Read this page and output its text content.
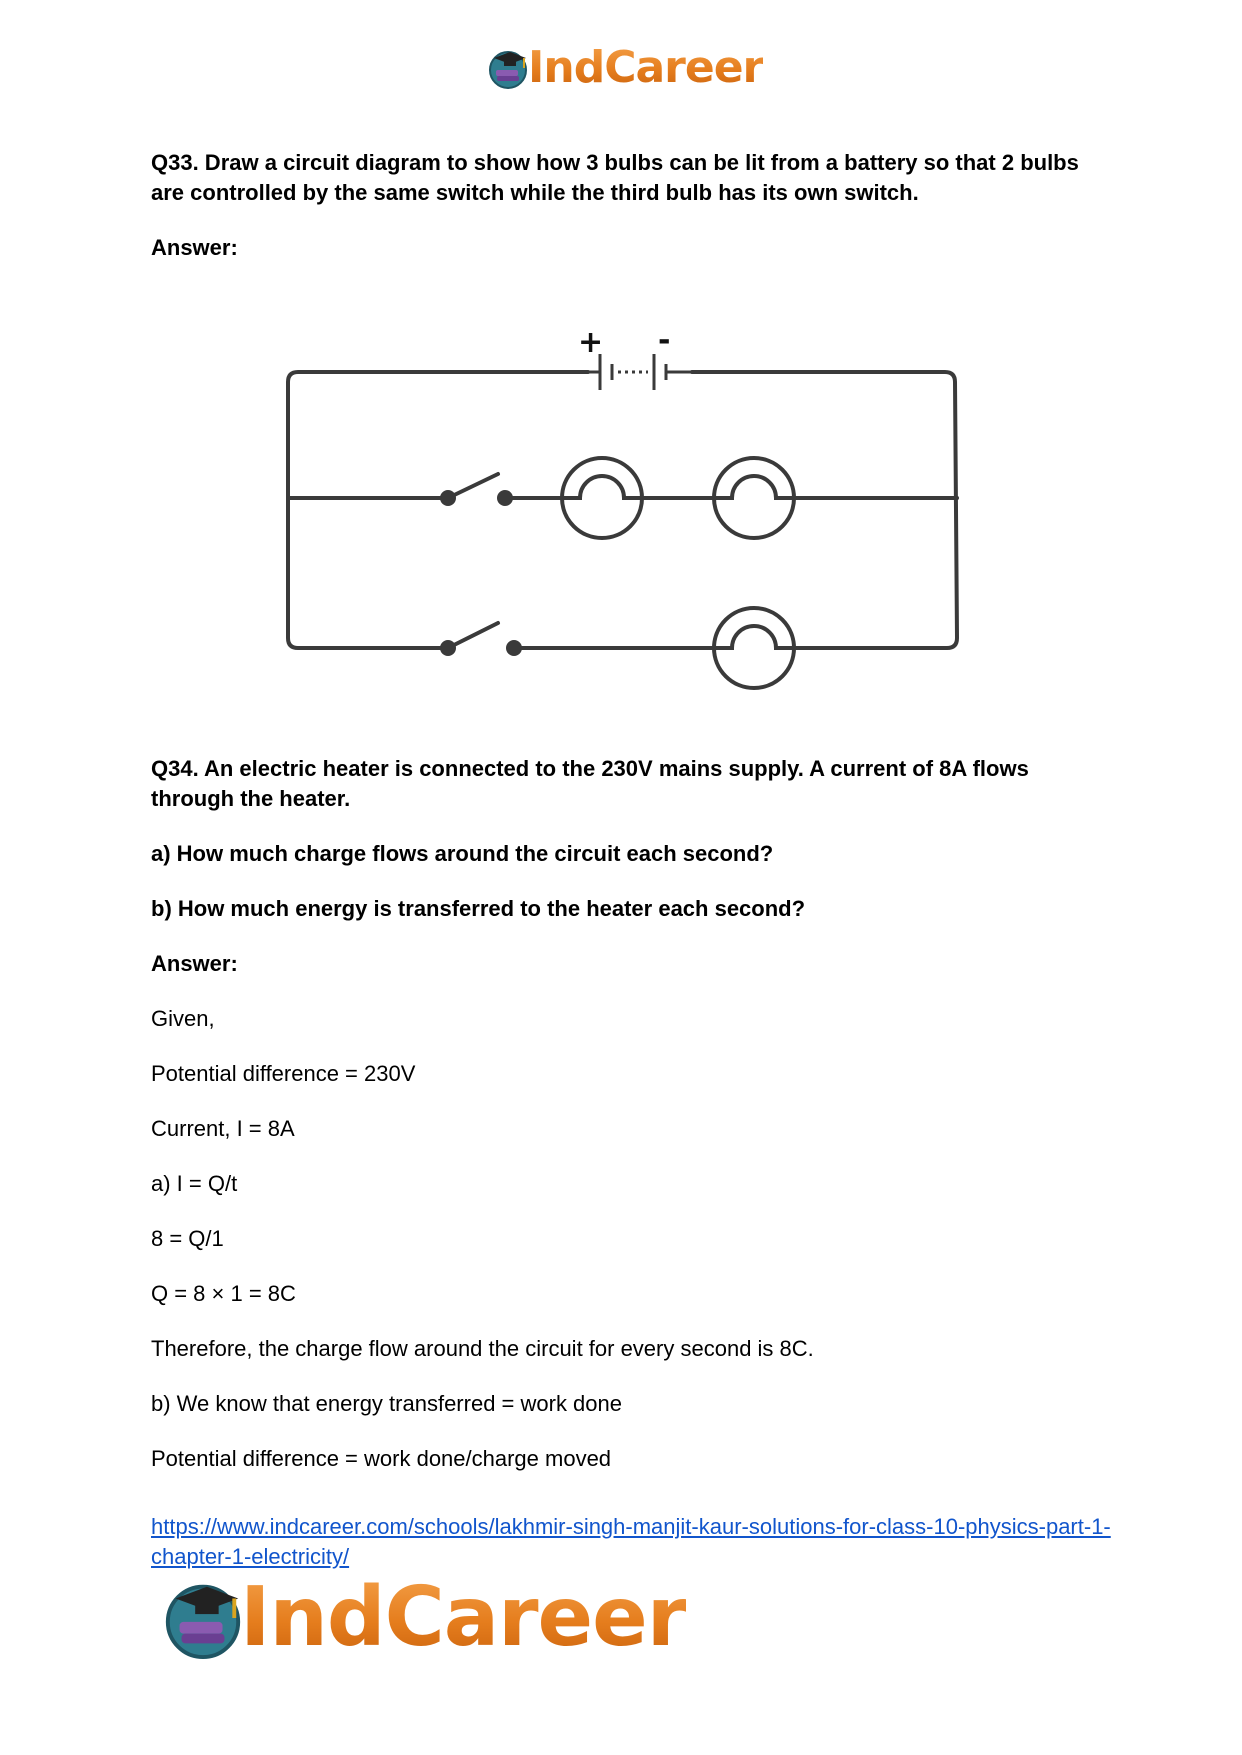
IndCareer

Q33. Draw a circuit diagram to show how 3 bulbs can be lit from a battery so that 2 bulbs are controlled by the same switch while the third bulb has its own switch.

Answer:

+ -

Q34. An electric heater is connected to the 230V mains supply. A current of 8A flows through the heater.

a) How much charge flows around the circuit each second?

b) How much energy is transferred to the heater each second?

Answer:

Given,

Potential difference = 230V

Current, I = 8A

a) I = Q/t

8 = Q/1

Q = 8 × 1 = 8C

Therefore, the charge flow around the circuit for every second is 8C.

b) We know that energy transferred = work done

Potential difference = work done/charge moved

https://www.indcareer.com/schools/lakhmir-singh-manjit-kaur-solutions-for-class-10-physics-part-1-chapter-1-electricity/
IndCareer
